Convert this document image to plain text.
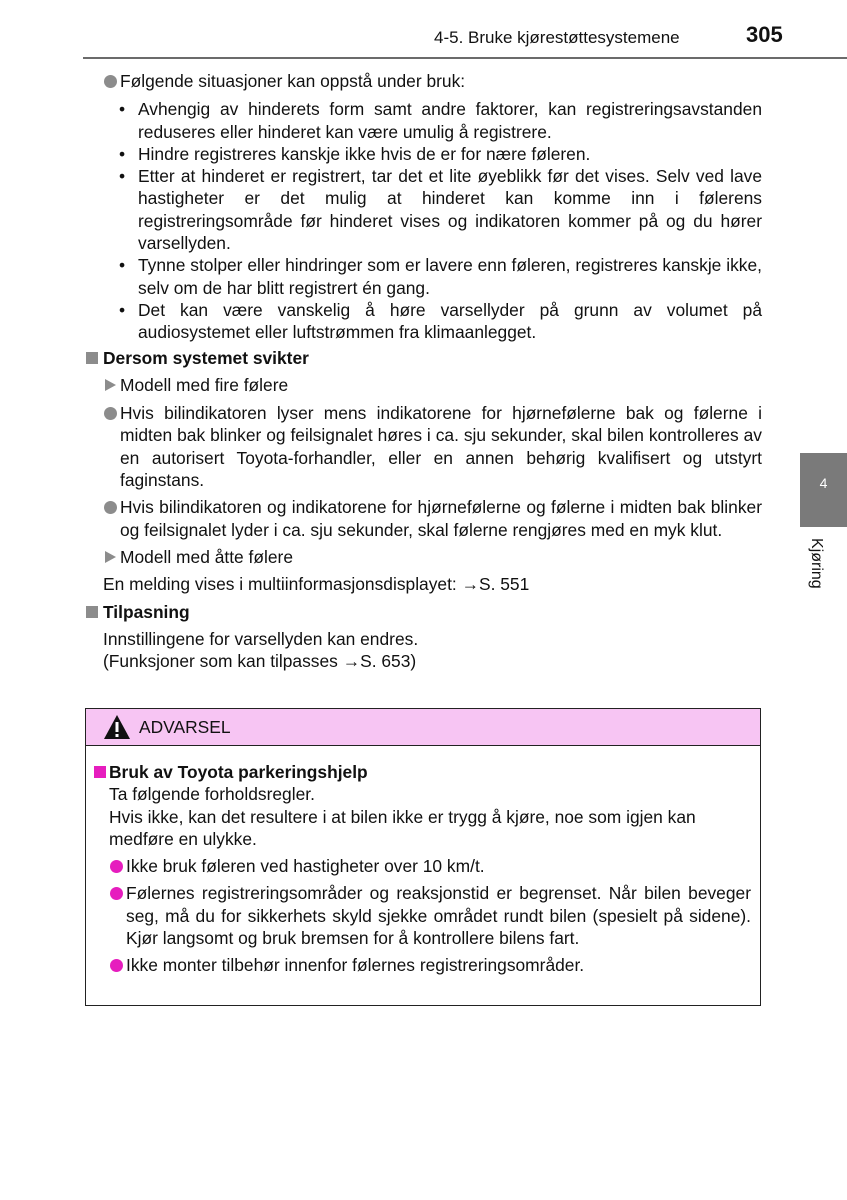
4-5. Bruke kjørestøttesystemene	305
4
Kjøring
Følgende situasjoner kan oppstå under bruk:
• Avhengig av hinderets form samt andre faktorer, kan registreringsavstanden reduseres eller hinderet kan være umulig å registrere.
• Hindre registreres kanskje ikke hvis de er for nære føleren.
• Etter at hinderet er registrert, tar det et lite øyeblikk før det vises. Selv ved lave hastigheter er det mulig at hinderet kan komme inn i følerens registreringsområde før hinderet vises og indikatoren kommer på og du hører varsellyden.
• Tynne stolper eller hindringer som er lavere enn føleren, registreres kanskje ikke, selv om de har blitt registrert én gang.
• Det kan være vanskelig å høre varsellyder på grunn av volumet på audiosystemet eller luftstrømmen fra klimaanlegget.
Dersom systemet svikter
Modell med fire følere
Hvis bilindikatoren lyser mens indikatorene for hjørnefølerne bak og følerne i midten bak blinker og feilsignalet høres i ca. sju sekunder, skal bilen kontrolleres av en autorisert Toyota-forhandler, eller en annen behørig kvalifisert og utstyrt faginstans.
Hvis bilindikatoren og indikatorene for hjørnefølerne og følerne i midten bak blinker og feilsignalet lyder i ca. sju sekunder, skal følerne rengjøres med en myk klut.
Modell med åtte følere
En melding vises i multiinformasjonsdisplayet: →S. 551
Tilpasning
Innstillingene for varsellyden kan endres.
(Funksjoner som kan tilpasses →S. 653)
ADVARSEL
Bruk av Toyota parkeringshjelp
Ta følgende forholdsregler.
Hvis ikke, kan det resultere i at bilen ikke er trygg å kjøre, noe som igjen kan medføre en ulykke.
Ikke bruk føleren ved hastigheter over 10 km/t.
Følernes registreringsområder og reaksjonstid er begrenset. Når bilen beveger seg, må du for sikkerhets skyld sjekke området rundt bilen (spesielt på sidene). Kjør langsomt og bruk bremsen for å kontrollere bilens fart.
Ikke monter tilbehør innenfor følernes registreringsområder.
